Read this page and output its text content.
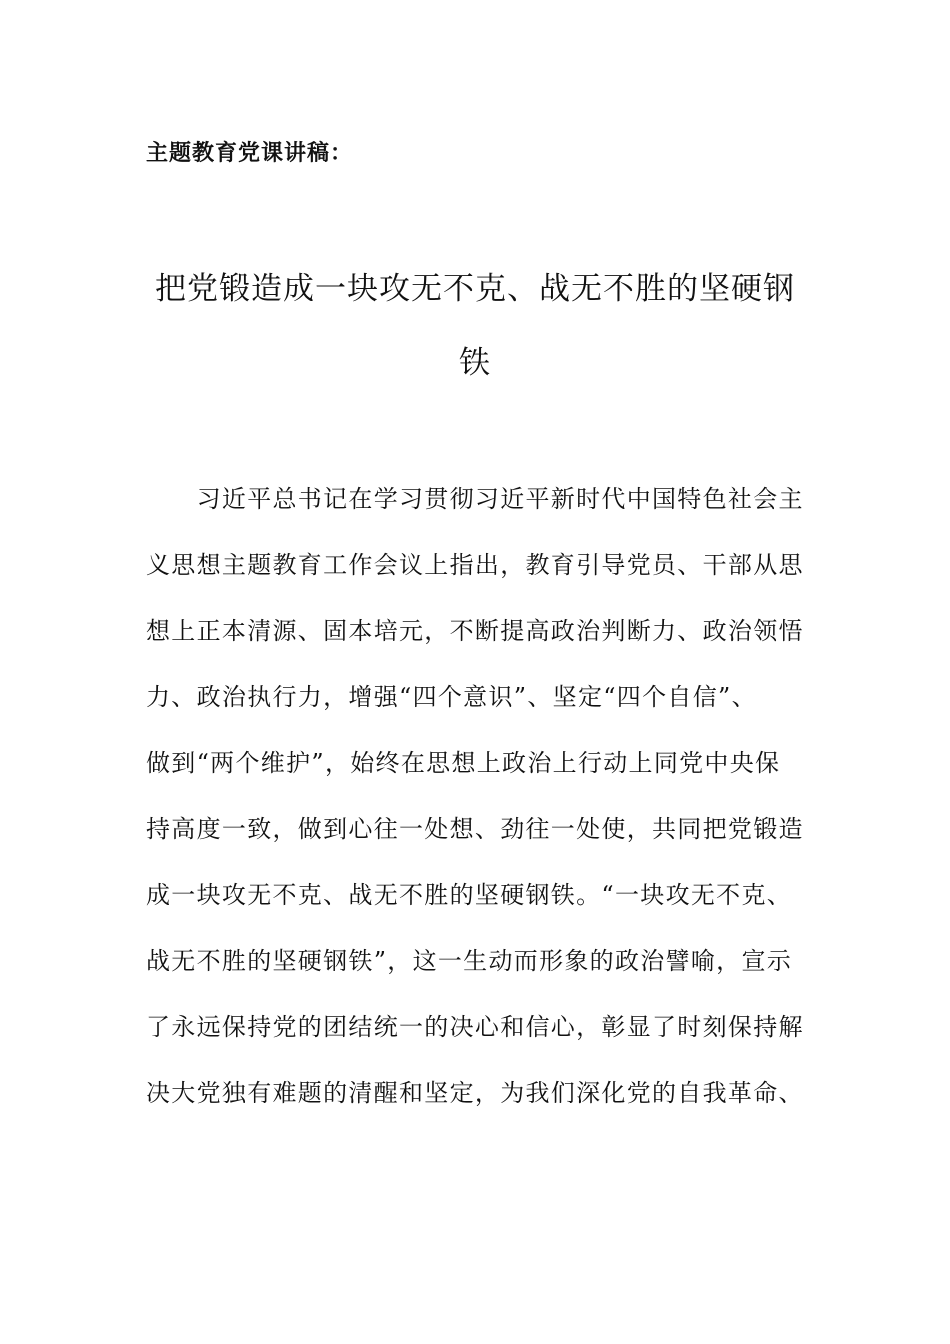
主题教育党课讲稿：
把党锻造成一块攻无不克、战无不胜的坚硬钢
铁
　　习近平总书记在学习贯彻习近平新时代中国特色社会主
义思想主题教育工作会议上指出，教育引导党员、干部从思
想上正本清源、固本培元，不断提高政治判断力、政治领悟
力、政治执行力，增强“四个意识”、坚定“四个自信”、
做到“两个维护”，始终在思想上政治上行动上同党中央保
持高度一致，做到心往一处想、劲往一处使，共同把党锻造
成一块攻无不克、战无不胜的坚硬钢铁。“一块攻无不克、
战无不胜的坚硬钢铁”，这一生动而形象的政治譬喻，宣示
了永远保持党的团结统一的决心和信心，彰显了时刻保持解
决大党独有难题的清醒和坚定，为我们深化党的自我革命、
